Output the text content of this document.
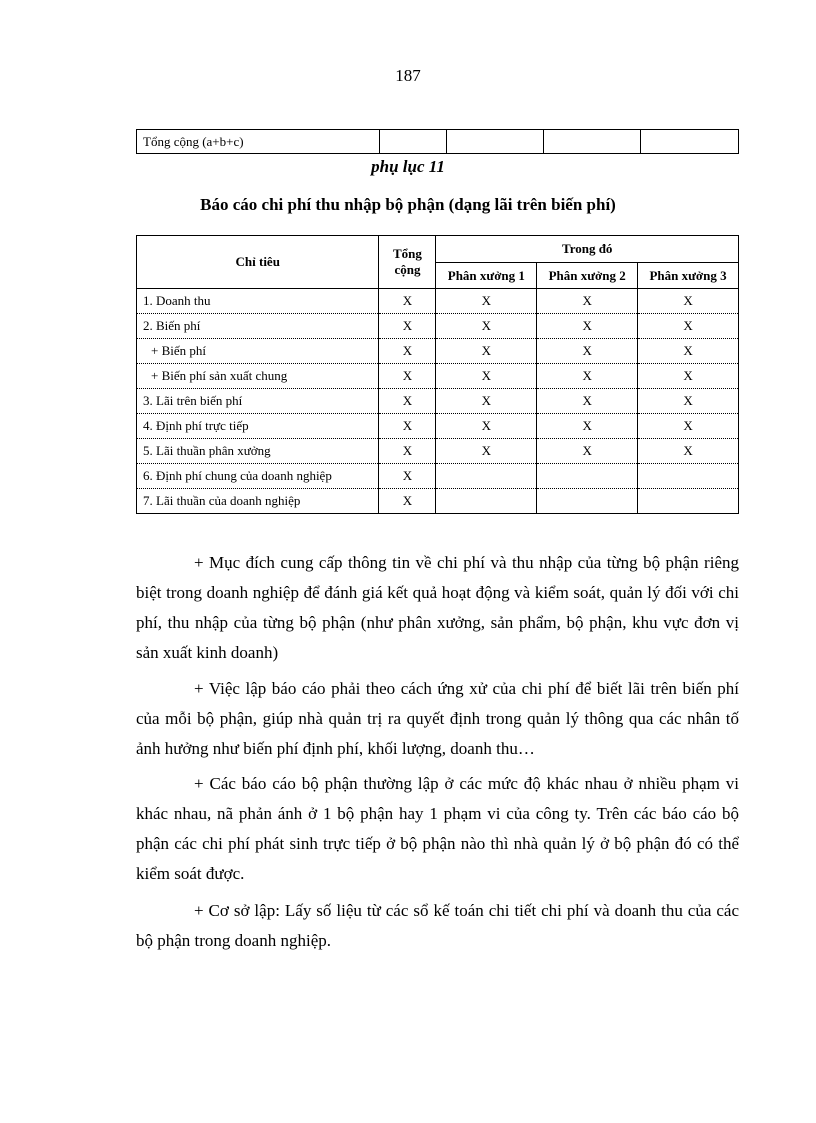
187
Tổng cộng (a+b+c)				
phụ lục 11
Báo cáo chi phí thu nhập bộ phận (dạng lãi trên biến phí)
Chỉ tiêu	Tổng cộng	Trong đó		
		Phân xưởng 1	Phân xưởng 2	Phân xưởng 3
1. Doanh thu	X	X	X	X
2. Biến phí	X	X	X	X
+ Biến phí	X	X	X	X
+ Biến phí sản xuất chung	X	X	X	X
3. Lãi trên biến phí	X	X	X	X
4. Định phí trực tiếp	X	X	X	X
5. Lãi thuần phân xưởng	X	X	X	X
6. Định phí chung của doanh nghiệp	X			
7. Lãi thuần của doanh nghiệp	X			

+ Mục đích cung cấp thông tin về chi phí và thu nhập của từng bộ phận riêng biệt trong doanh nghiệp để đánh giá kết quả hoạt động và kiểm soát, quản lý đối với chi phí, thu nhập của từng bộ phận (như phân xưởng, sản phẩm, bộ phận, khu vực đơn vị sản xuất kinh doanh)

+ Việc lập báo cáo phải theo cách ứng xử của chi phí để biết lãi trên biến phí của mỗi bộ phận, giúp nhà quản trị ra quyết định trong quản lý thông qua các nhân tố ảnh hưởng như biến phí định phí, khối lượng, doanh thu…

+ Các báo cáo bộ phận thường lập ở các mức độ khác nhau ở nhiều phạm vi khác nhau, nã phản ánh ở 1 bộ phận hay 1 phạm vi của công ty. Trên các báo cáo bộ phận các chi phí phát sinh trực tiếp ở bộ phận nào thì nhà quản lý ở bộ phận đó có thể kiểm soát được.

+ Cơ sở lập: Lấy số liệu từ các sổ kế toán chi tiết chi phí và doanh thu của các bộ phận trong doanh nghiệp.
